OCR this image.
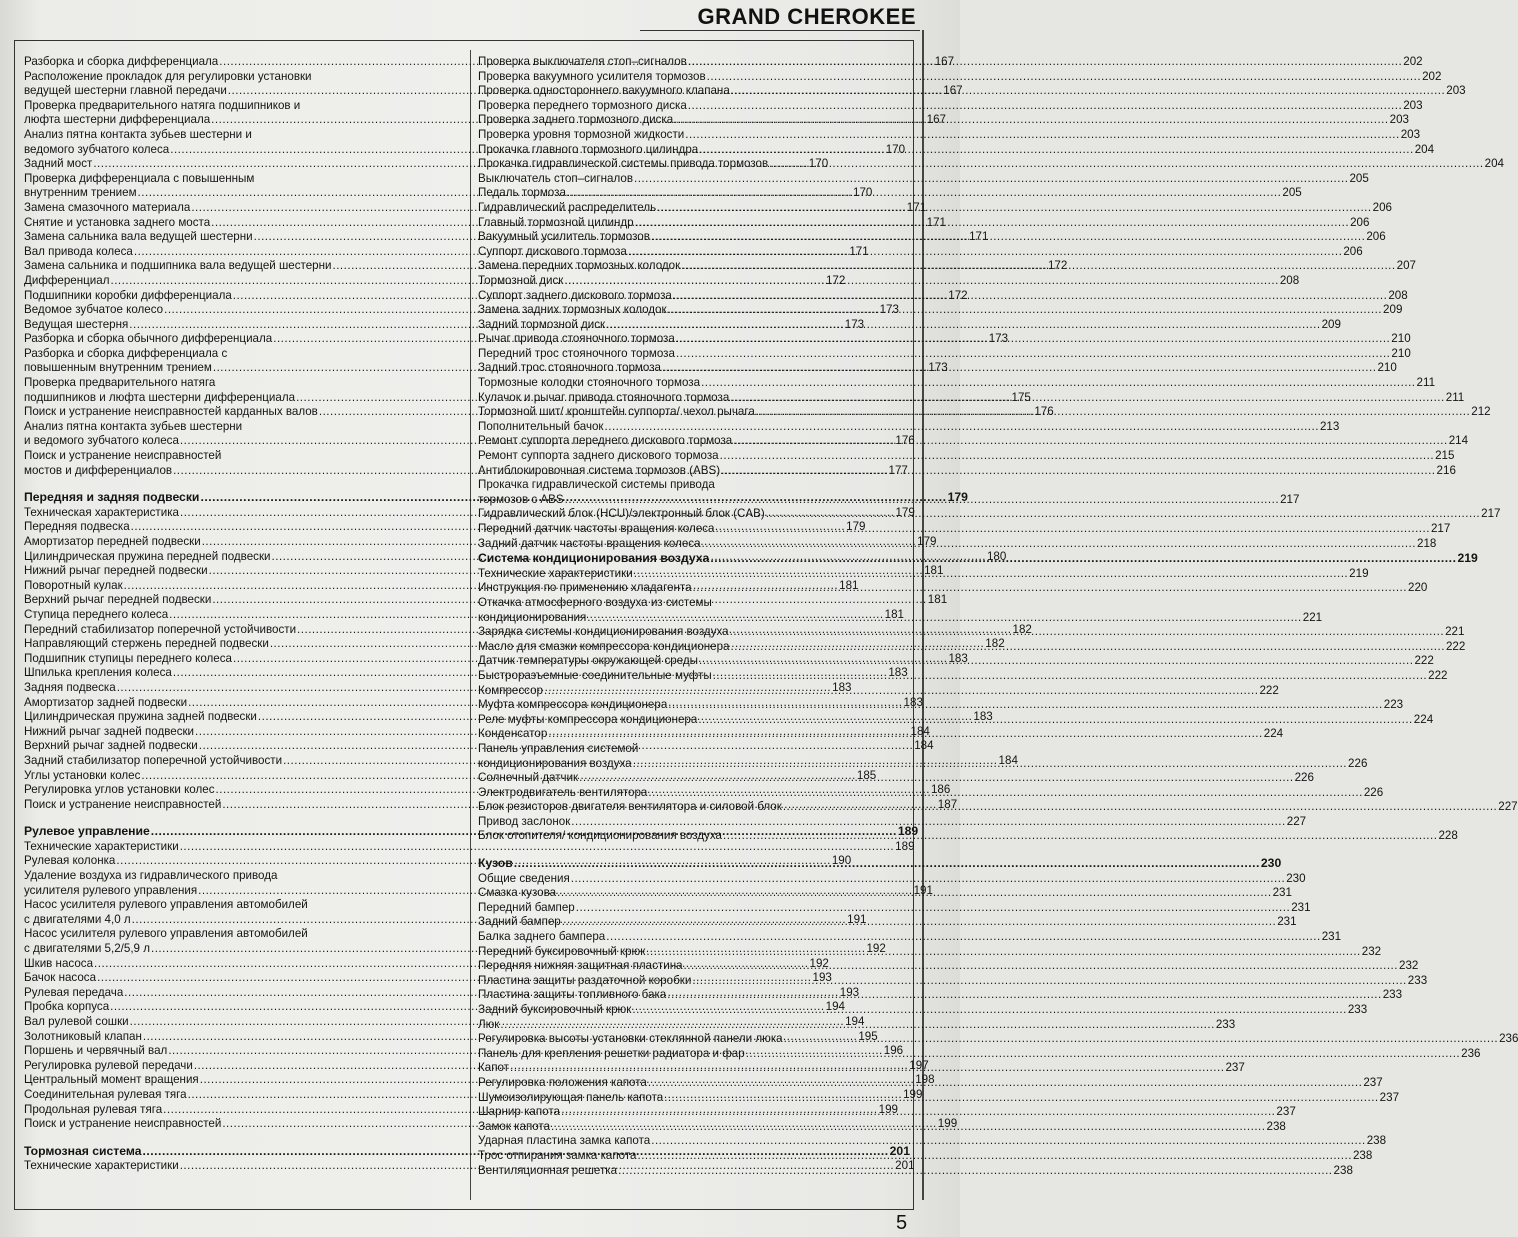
GRAND CHEROKEE
Разборка и сборка дифференциала .....	167
Расположение прокладок для регулировки установки
ведущей шестерни главной передачи .....	167
Проверка предварительного натяга подшипников и
люфта шестерни дифференциала .....	167
Анализ пятна контакта зубьев шестерни и
ведомого зубчатого колеса .....	170
Задний мост .....	170
Проверка дифференциала с повышенным
внутренним трением .....	170
Замена смазочного материала .....	171
Снятие и установка заднего моста .....	171
Замена сальника вала ведущей шестерни .....	171
Вал привода колеса .....	171
Замена сальника и подшипника вала ведущей шестерни .....	172
Дифференциал .....	172
Подшипники коробки дифференциала .....	172
Ведомое зубчатое колесо .....	173
Ведущая шестерня .....	173
Разборка и сборка обычного дифференциала .....	173
Разборка и сборка дифференциала с
повышенным внутренним трением .....	173
Проверка предварительного натяга
подшипников и люфта шестерни дифференциала .....	175
Поиск и устранение неисправностей карданных валов .....	176
Анализ пятна контакта зубьев шестерни
и ведомого зубчатого колеса .....	176
Поиск и устранение неисправностей
мостов и дифференциалов .....	177
Передняя и задняя подвески .....	179
Техническая характеристика .....	179
Передняя подвеска .....	179
Амортизатор передней подвески .....	179
Цилиндрическая пружина передней подвески .....	180
Нижний рычаг передней подвески .....	181
Поворотный кулак .....	181
Верхний рычаг передней подвески .....	181
Ступица переднего колеса .....	181
Передний стабилизатор поперечной устойчивости .....	182
Направляющий стержень передней подвески .....	182
Подшипник ступицы переднего колеса .....	183
Шпилька крепления колеса .....	183
Задняя подвеска .....	183
Амортизатор задней подвески .....	183
Цилиндрическая пружина задней подвески .....	183
Нижний рычаг задней подвески .....	184
Верхний рычаг задней подвески .....	184
Задний стабилизатор поперечной устойчивости .....	184
Углы установки колес .....	185
Регулировка углов установки колес .....	186
Поиск и устранение неисправностей .....	187
Рулевое управление .....	189
Технические характеристики .....	189
Рулевая колонка .....	190
Удаление воздуха из гидравлического привода
усилителя рулевого управления .....	191
Насос усилителя рулевого управления автомобилей
с двигателями 4,0 л .....	191
Насос усилителя рулевого управления автомобилей
с двигателями 5,2/5,9 л .....	192
Шкив насоса .....	192
Бачок насоса .....	193
Рулевая передача .....	193
Пробка корпуса .....	194
Вал рулевой сошки .....	194
Золотниковый клапан .....	195
Поршень и червячный вал .....	196
Регулировка рулевой передачи .....	197
Центральный момент вращения .....	198
Соединительная рулевая тяга .....	199
Продольная рулевая тяга .....	199
Поиск и устранение неисправностей .....	199
Тормозная система .....	201
Технические характеристики .....	201
Проверка выключателя стоп–сигналов .....	202
Проверка вакуумного усилителя тормозов .....	202
Проверка одностороннего вакуумного клапана .....	203
Проверка переднего тормозного диска .....	203
Проверка заднего тормозного диска .....	203
Проверка уровня тормозной жидкости .....	203
Прокачка главного тормозного цилиндра .....	204
Прокачка гидравлической системы привода тормозов .....	204
Выключатель стоп–сигналов .....	205
Педаль тормоза .....	205
Гидравлический распределитель .....	206
Главный тормозной цилиндр .....	206
Вакуумный усилитель тормозов .....	206
Суппорт дискового тормоза .....	206
Замена передних тормозных колодок .....	207
Тормозной диск .....	208
Суппорт заднего дискового тормоза .....	208
Замена задних тормозных колодок .....	209
Задний тормозной диск .....	209
Рычаг привода стояночного тормоза .....	210
Передний трос стояночного тормоза .....	210
Задний трос стояночного тормоза .....	210
Тормозные колодки стояночного тормоза .....	211
Кулачок и рычаг привода стояночного тормоза .....	211
Тормозной шит/ кронштейн суппорта/ чехол рычага .....	212
Пополнительный бачок .....	213
Ремонт суппорта переднего дискового тормоза .....	214
Ремонт суппорта заднего дискового тормоза .....	215
Антиблокировочная система тормозов (ABS) .....	216
Прокачка гидравлической системы привода
тормозов с ABS .....	217
Гидравлический блок (HCU)/электронный блок (CAB) .....	217
Передний датчик частоты вращения колеса .....	217
Задний датчик частоты вращения колеса .....	218
Система кондиционирования воздуха .....	219
Технические характеристики .....	219
Инструкция по применению хладагента .....	220
Откачка атмосферного воздуха из системы
кондиционирования .....	221
Зарядка системы кондиционирования воздуха .....	221
Масло для смазки компрессора кондиционера .....	222
Датчик температуры окружающей среды .....	222
Быстроразъемные соединительные муфты .....	222
Компрессор .....	222
Муфта компрессора кондиционера .....	223
Реле муфты компрессора кондиционера .....	224
Конденсатор .....	224
Панель управления системой
кондиционирования воздуха .....	226
Солнечный датчик .....	226
Электродвигатель вентилятора .....	226
Блок резисторов двигателя вентилятора и силовой блок .....	227
Привод заслонок .....	227
Блок отопителя/ кондиционирования воздуха .....	228
Кузов .....	230
Общие сведения .....	230
Смазка кузова .....	231
Передний бампер .....	231
Задний бампер .....	231
Балка заднего бампера .....	231
Передний буксировочный крюк .....	232
Передняя нижняя защитная пластина .....	232
Пластина защиты раздаточной коробки .....	233
Пластина защиты топливного бака .....	233
Задний буксировочный крюк .....	233
Люк .....	233
Регулировка высоты установки стеклянной панели люка .....	236
Панель для крепления решетки радиатора и фар .....	236
Капот .....	237
Регулировка положения капота .....	237
Шумоизолирующая панель капота .....	237
Шарнир капота .....	237
Замок капота .....	238
Ударная пластина замка капота .....	238
Трос отпирания замка капота .....	238
Вентиляционная решетка .....	238
5
